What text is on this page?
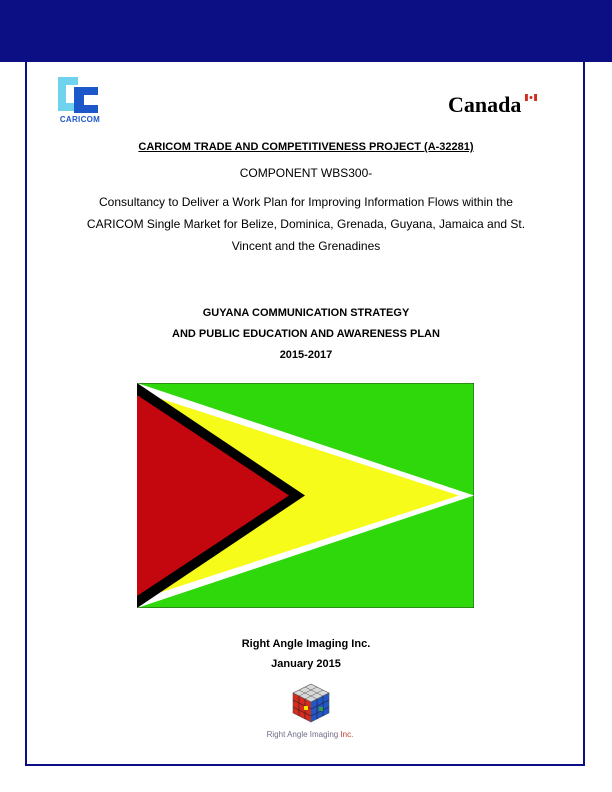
CARICOM
Canada
CARICOM TRADE AND COMPETITIVENESS PROJECT (A-32281)
COMPONENT WBS300-
Consultancy to Deliver a Work Plan for Improving Information Flows within the
CARICOM Single Market for Belize, Dominica, Grenada, Guyana, Jamaica and St.
Vincent and the Grenadines
GUYANA COMMUNICATION STRATEGY
AND PUBLIC EDUCATION AND AWARENESS PLAN
2015-2017
Right Angle Imaging Inc.
January 2015
Right Angle Imaging Inc.
